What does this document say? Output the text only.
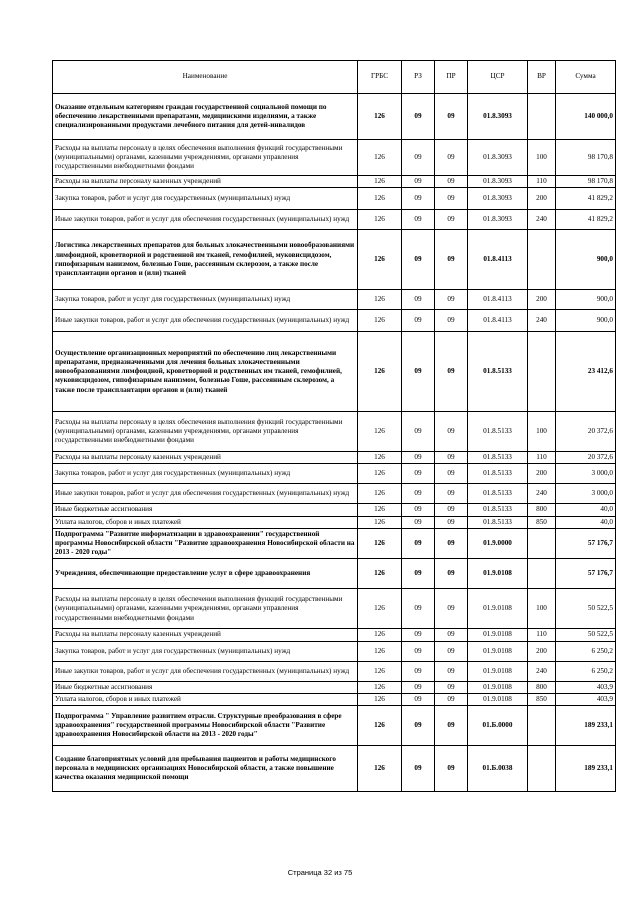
Наименование	ГРБС	РЗ	ПР	ЦСР	ВР	Сумма
Оказание отдельным категориям граждан государственной социальной помощи по обеспечению лекарственными препаратами, медицинскими изделиями, а также специализированными продуктами лечебного питания для детей-инвалидов	126	09	09	01.8.3093		140 000,0
Расходы на выплаты персоналу в целях обеспечения выполнения функций государственными (муниципальными) органами, казенными учреждениями, органами управления государственными внебюджетными фондами	126	09	09	01.8.3093	100	98 170,8
Расходы на выплаты персоналу казенных учреждений	126	09	09	01.8.3093	110	98 170,8
Закупка товаров, работ и услуг для государственных (муниципальных) нужд	126	09	09	01.8.3093	200	41 829,2
Иные закупки товаров, работ и услуг для обеспечения государственных (муниципальных) нужд	126	09	09	01.8.3093	240	41 829,2
Логистика лекарственных препаратов для больных злокачественными новообразованиями лимфоидной, кроветворной и родственной им тканей, гемофилией, муковисцидозом, гипофизарным нанизмом, болезнью Гоше, рассеянным склерозом, а также после трансплантации органов и (или) тканей	126	09	09	01.8.4113		900,0
Закупка товаров, работ и услуг для государственных (муниципальных) нужд	126	09	09	01.8.4113	200	900,0
Иные закупки товаров, работ и услуг для обеспечения государственных (муниципальных) нужд	126	09	09	01.8.4113	240	900,0
Осуществление организационных мероприятий по обеспечению лиц лекарственными препаратами, предназначенными для лечения больных злокачественными новообразованиями лимфоидной, кроветворной и родственных им тканей, гемофилией, муковисцидозом, гипофизарным нанизмом, болезнью Гоше, рассеянным склерозом, а также после трансплантации органов и (или) тканей	126	09	09	01.8.5133		23 412,6
Расходы на выплаты персоналу в целях обеспечения выполнения функций государственными (муниципальными) органами, казенными учреждениями, органами управления государственными внебюджетными фондами	126	09	09	01.8.5133	100	20 372,6
Расходы на выплаты персоналу казенных учреждений	126	09	09	01.8.5133	110	20 372,6
Закупка товаров, работ и услуг для государственных (муниципальных) нужд	126	09	09	01.8.5133	200	3 000,0
Иные закупки товаров, работ и услуг для обеспечения государственных (муниципальных) нужд	126	09	09	01.8.5133	240	3 000,0
Иные бюджетные ассигнования	126	09	09	01.8.5133	800	40,0
Уплата налогов, сборов и иных платежей	126	09	09	01.8.5133	850	40,0
Подпрограмма "Развитие информатизации в здравоохранении" государственной программы Новосибирской области "Развитие здравоохранения Новосибирской области на 2013 - 2020 годы"	126	09	09	01.9.0000		57 176,7
Учреждения, обеспечивающие предоставление услуг в сфере здравоохранения	126	09	09	01.9.0108		57 176,7
Расходы на выплаты персоналу в целях обеспечения выполнения функций государственными (муниципальными) органами, казенными учреждениями, органами управления государственными внебюджетными фондами	126	09	09	01.9.0108	100	50 522,5
Расходы на выплаты персоналу казенных учреждений	126	09	09	01.9.0108	110	50 522,5
Закупка товаров, работ и услуг для государственных (муниципальных) нужд	126	09	09	01.9.0108	200	6 250,2
Иные закупки товаров, работ и услуг для обеспечения государственных (муниципальных) нужд	126	09	09	01.9.0108	240	6 250,2
Иные бюджетные ассигнования	126	09	09	01.9.0108	800	403,9
Уплата налогов, сборов и иных платежей	126	09	09	01.9.0108	850	403,9
Подпрограмма " Управление развитием отрасли. Структурные преобразования в сфере здравоохранения" государственной программы Новосибирской области "Развитие здравоохранения Новосибирской области на 2013 - 2020 годы"	126	09	09	01.Б.0000		189 233,1
Создание благоприятных условий для пребывания пациентов и работы медицинского персонала в медицинских организациях Новосибирской области, а также повышение качества оказания медицинской помощи	126	09	09	01.Б.0038		189 233,1
Страница 32 из 75
